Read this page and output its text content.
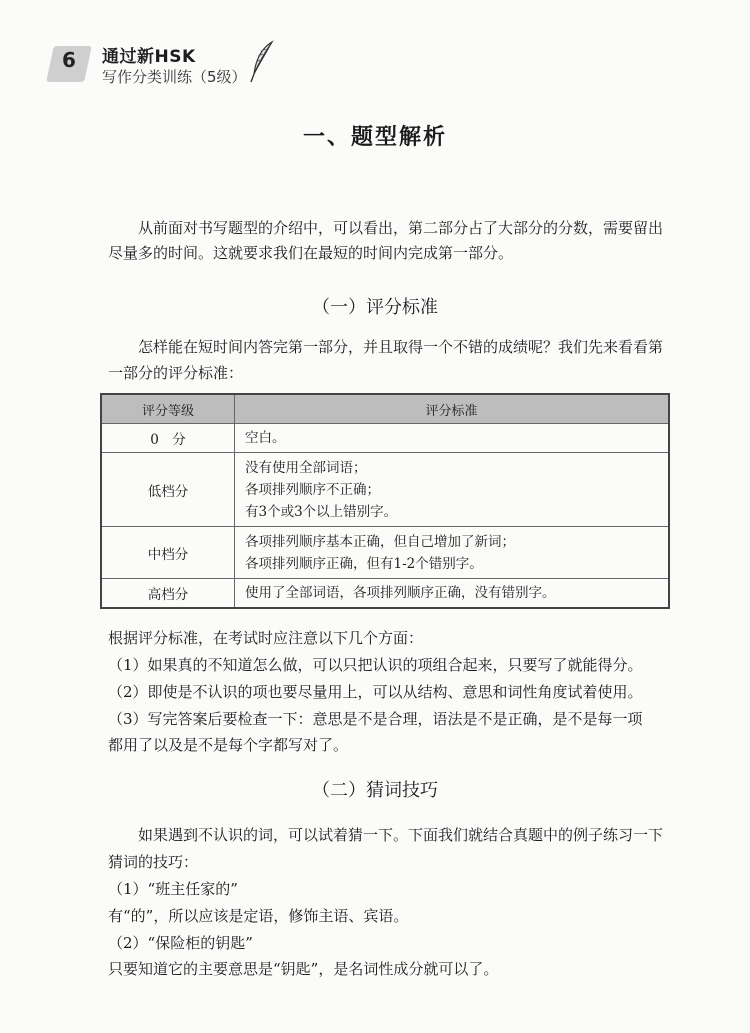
6	通过新HSK
写作分类训练（5级）
一、题型解析
从前面对书写题型的介绍中，可以看出，第二部分占了大部分的分数，需要留出
尽量多的时间。这就要求我们在最短的时间内完成第一部分。
（一）评分标准
怎样能在短时间内答完第一部分，并且取得一个不错的成绩呢？我们先来看看第
一部分的评分标准：
评分等级	评分标准
0　分	空白。

低档分	没有使用全部词语；
各项排列顺序不正确；
有3个或3个以上错别字。

中档分	各项排列顺序基本正确，但自己增加了新词；
各项排列顺序正确，但有1-2个错别字。

高档分	使用了全部词语，各项排列顺序正确，没有错别字。
根据评分标准，在考试时应注意以下几个方面：
（1）如果真的不知道怎么做，可以只把认识的项组合起来，只要写了就能得分。
（2）即使是不认识的项也要尽量用上，可以从结构、意思和词性角度试着使用。
（3）写完答案后要检查一下：意思是不是合理，语法是不是正确，是不是每一项
都用了以及是不是每个字都写对了。
（二）猜词技巧
如果遇到不认识的词，可以试着猜一下。下面我们就结合真题中的例子练习一下
猜词的技巧：
（1）“班主任家的”
有“的”，所以应该是定语，修饰主语、宾语。
（2）“保险柜的钥匙”
只要知道它的主要意思是“钥匙”，是名词性成分就可以了。
